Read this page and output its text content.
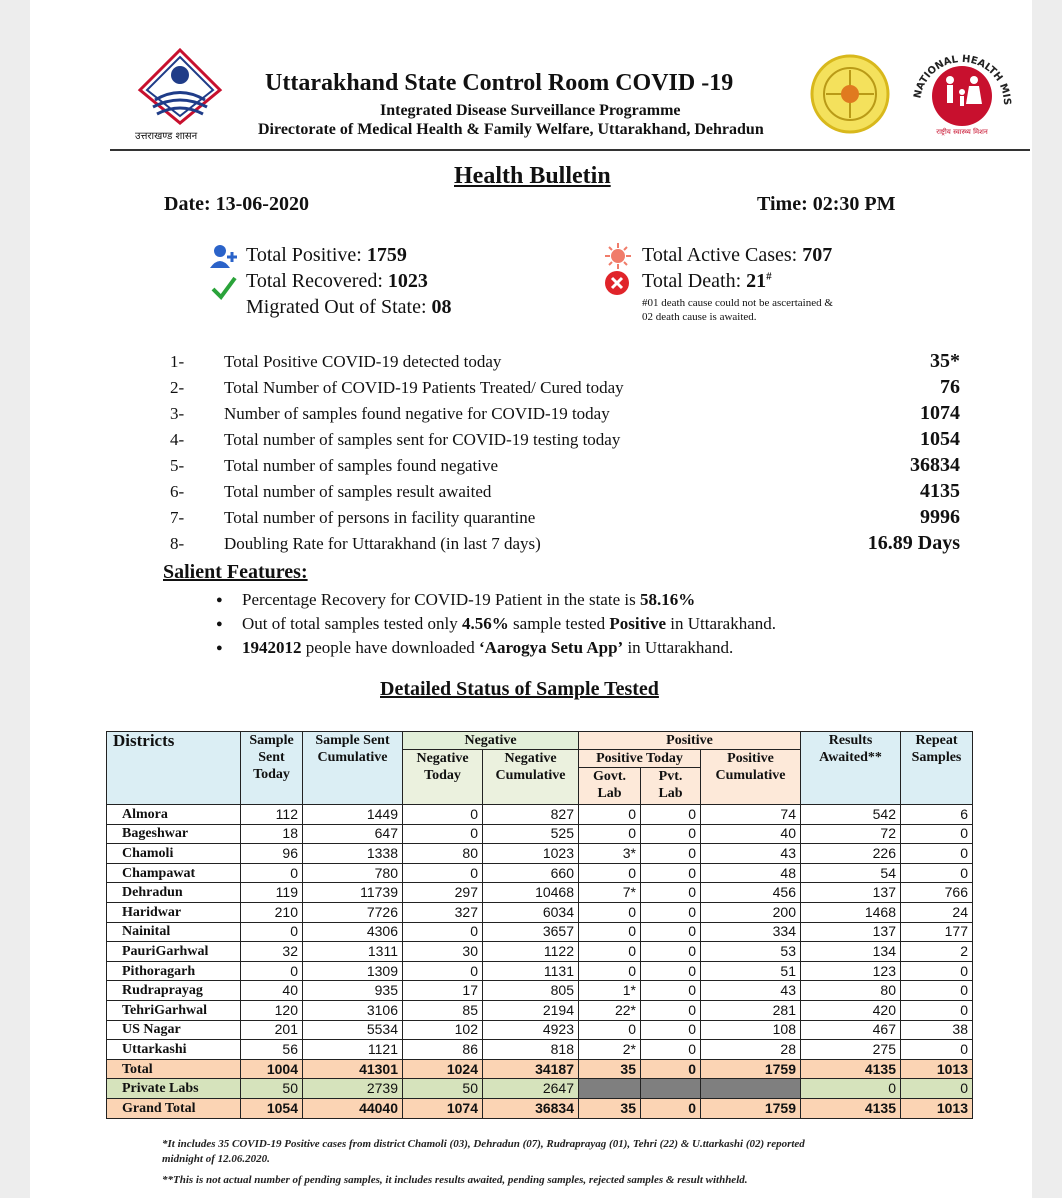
उत्तराखण्ड शासन
Uttarakhand State Control Room COVID -19
Integrated Disease Surveillance Programme
Directorate of Medical Health & Family Welfare, Uttarakhand, Dehradun
NATIONAL HEALTH MIS
राष्ट्रीय स्वास्थ्य मिशन
Health Bulletin
Date: 13-06-2020	Time: 02:30 PM
Total Positive: 1759
Total Recovered: 1023
Migrated Out of State: 08
Total Active Cases: 707
Total Death: 21#
#01 death cause could not be ascertained &
02 death cause is awaited.
1- Total Positive COVID-19 detected today	35*
2- Total Number of COVID-19 Patients Treated/ Cured today	76
3- Number of samples found negative for COVID-19 today	1074
4- Total number of samples sent for COVID-19 testing today	1054
5- Total number of samples found negative	36834
6- Total number of samples result awaited	4135
7- Total number of persons in facility quarantine	9996
8- Doubling Rate for Uttarakhand (in last 7 days)	16.89 Days
Salient Features:
● Percentage Recovery for COVID-19 Patient in the state is 58.16%
● Out of total samples tested only 4.56% sample tested Positive in Uttarakhand.
● 1942012 people have downloaded ‘Aarogya Setu App’ in Uttarakhand.
Detailed Status of Sample Tested
Districts	Sample Sent Today	Sample Sent Cumulative	Negative		Positive			Results Awaited**	Repeat Samples
			Negative Today	Negative Cumulative	Positive Today		Positive Cumulative		
					Govt. Lab	Pvt. Lab			
Almora	112	1449	0	827	0	0	74	542	6
Bageshwar	18	647	0	525	0	0	40	72	0
Chamoli	96	1338	80	1023	3*	0	43	226	0
Champawat	0	780	0	660	0	0	48	54	0
Dehradun	119	11739	297	10468	7*	0	456	137	766
Haridwar	210	7726	327	6034	0	0	200	1468	24
Nainital	0	4306	0	3657	0	0	334	137	177
PauriGarhwal	32	1311	30	1122	0	0	53	134	2
Pithoragarh	0	1309	0	1131	0	0	51	123	0
Rudraprayag	40	935	17	805	1*	0	43	80	0
TehriGarhwal	120	3106	85	2194	22*	0	281	420	0
US Nagar	201	5534	102	4923	0	0	108	467	38
Uttarkashi	56	1121	86	818	2*	0	28	275	0
Total	1004	41301	1024	34187	35	0	1759	4135	1013
Private Labs	50	2739	50	2647				0	0
Grand Total	1054	44040	1074	36834	35	0	1759	4135	1013
*It includes 35 COVID-19 Positive cases from district Chamoli (03), Dehradun (07), Rudraprayag (01), Tehri (22) & U.ttarkashi (02) reported
midnight of 12.06.2020.
**This is not actual number of pending samples, it includes results awaited, pending samples, rejected samples & result withheld.
